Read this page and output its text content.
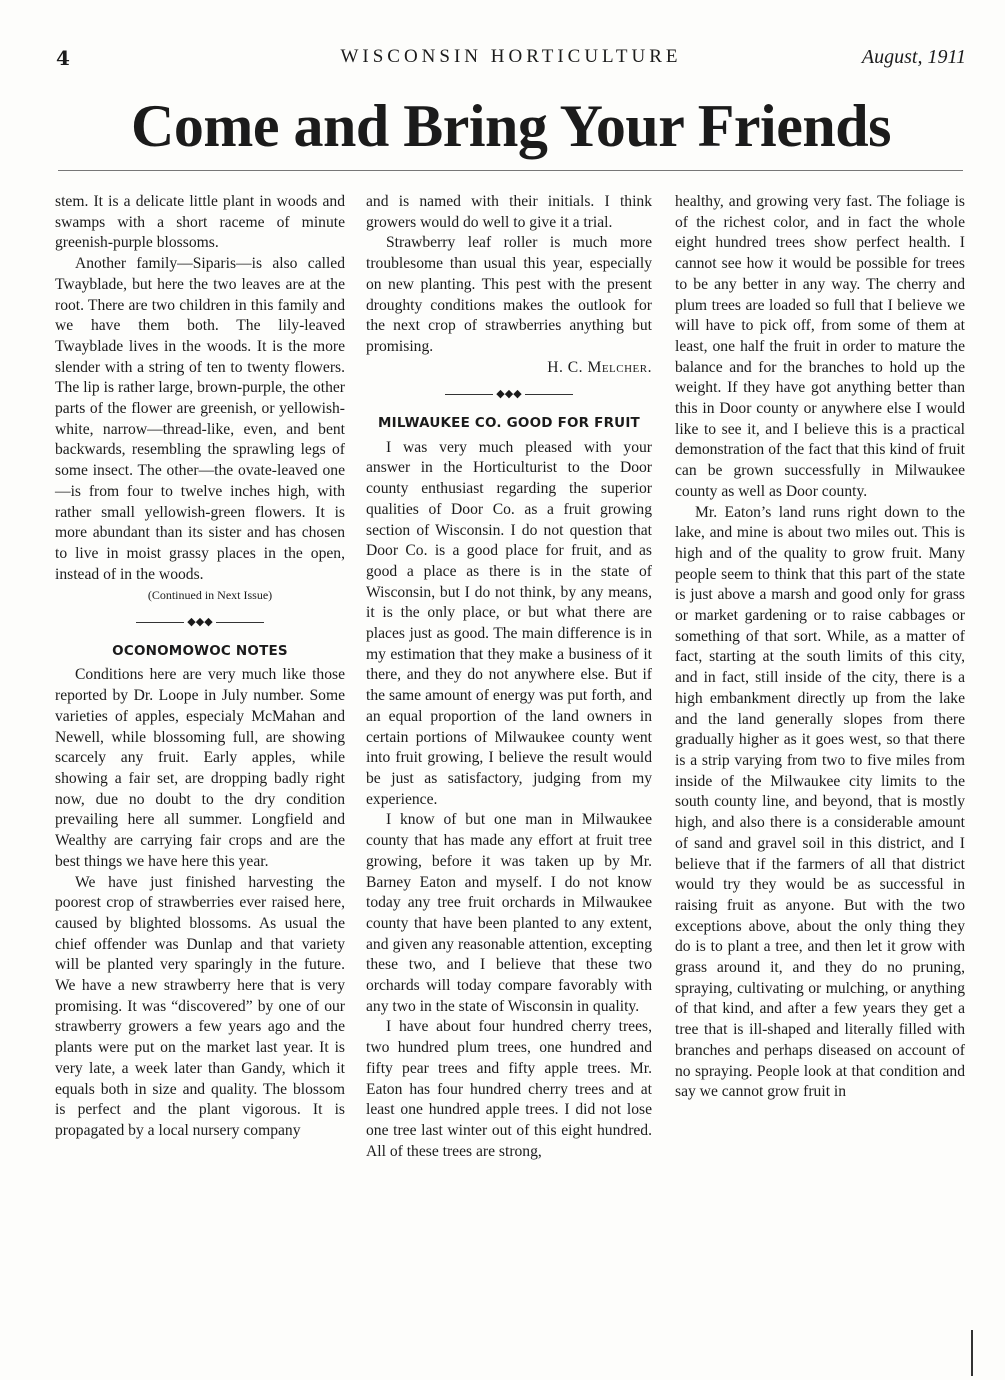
4	WISCONSIN HORTICULTURE	August, 1911
Come and Bring Your Friends

stem. It is a delicate little plant in woods and swamps with a short raceme of minute greenish-purple blossoms.

Another family—Siparis—is also called Twayblade, but here the two leaves are at the root. There are two children in this family and we have them both. The lily-leaved Twayblade lives in the woods. It is the more slender with a string of ten to twenty flowers. The lip is rather large, brown-purple, the other parts of the flower are greenish, or yellowish-white, narrow—thread-like, even, and bent backwards, resembling the sprawling legs of some insect. The other—the ovate-leaved one—is from four to twelve inches high, with rather small yellowish-green flowers. It is more abundant than its sister and has chosen to live in moist grassy places in the open, instead of in the woods.

(Continued in Next Issue)

◆◆◆
OCONOMOWOC NOTES

Conditions here are very much like those reported by Dr. Loope in July number. Some varieties of apples, especialy McMahan and Newell, while blossoming full, are showing scarcely any fruit. Early apples, while showing a fair set, are dropping badly right now, due no doubt to the dry condition prevailing here all summer. Longfield and Wealthy are carrying fair crops and are the best things we have here this year.

We have just finished harvesting the poorest crop of strawberries ever raised here, caused by blighted blossoms. As usual the chief offender was Dunlap and that variety will be planted very sparingly in the future. We have a new strawberry here that is very promising. It was “discovered” by one of our strawberry growers a few years ago and the plants were put on the market last year. It is very late, a week later than Gandy, which it equals both in size and quality. The blossom is perfect and the plant vigorous. It is propagated by a local nursery company

and is named with their initials. I think growers would do well to give it a trial.

Strawberry leaf roller is much more troublesome than usual this year, especially on new planting. This pest with the present droughty conditions makes the outlook for the next crop of strawberries anything but promising.

H. C. Melcher.
◆◆◆
MILWAUKEE CO. GOOD FOR FRUIT

I was very much pleased with your answer in the Horticulturist to the Door county enthusiast regarding the superior qualities of Door Co. as a fruit growing section of Wisconsin. I do not question that Door Co. is a good place for fruit, and as good a place as there is in the state of Wisconsin, but I do not think, by any means, it is the only place, or but what there are places just as good. The main difference is in my estimation that they make a business of it there, and they do not anywhere else. But if the same amount of energy was put forth, and an equal proportion of the land owners in certain portions of Milwaukee county went into fruit growing, I believe the result would be just as satisfactory, judging from my experience.

I know of but one man in Milwaukee county that has made any effort at fruit tree growing, before it was taken up by Mr. Barney Eaton and myself. I do not know today any tree fruit orchards in Milwaukee county that have been planted to any extent, and given any reasonable attention, excepting these two, and I believe that these two orchards will today compare favorably with any two in the state of Wisconsin in quality.

I have about four hundred cherry trees, two hundred plum trees, one hundred and fifty pear trees and fifty apple trees. Mr. Eaton has four hundred cherry trees and at least one hundred apple trees. I did not lose one tree last winter out of this eight hundred. All of these trees are strong,

healthy, and growing very fast. The foliage is of the richest color, and in fact the whole eight hundred trees show perfect health. I cannot see how it would be possible for trees to be any better in any way. The cherry and plum trees are loaded so full that I believe we will have to pick off, from some of them at least, one half the fruit in order to mature the balance and for the branches to hold up the weight. If they have got anything better than this in Door county or anywhere else I would like to see it, and I believe this is a practical demonstration of the fact that this kind of fruit can be grown successfully in Milwaukee county as well as Door county.

Mr. Eaton’s land runs right down to the lake, and mine is about two miles out. This is high and of the quality to grow fruit. Many people seem to think that this part of the state is just above a marsh and good only for grass or market gardening or to raise cabbages or something of that sort. While, as a matter of fact, starting at the south limits of this city, and in fact, still inside of the city, there is a high embankment directly up from the lake and the land generally slopes from there gradually higher as it goes west, so that there is a strip varying from two to five miles from inside of the Milwaukee city limits to the south county line, and beyond, that is mostly high, and also there is a considerable amount of sand and gravel soil in this district, and I believe that if the farmers of all that district would try they would be as successful in raising fruit as anyone. But with the two exceptions above, about the only thing they do is to plant a tree, and then let it grow with grass around it, and they do no pruning, spraying, cultivating or mulching, or anything of that kind, and after a few years they get a tree that is ill-shaped and literally filled with branches and perhaps diseased on account of no spraying. People look at that condition and say we cannot grow fruit in
